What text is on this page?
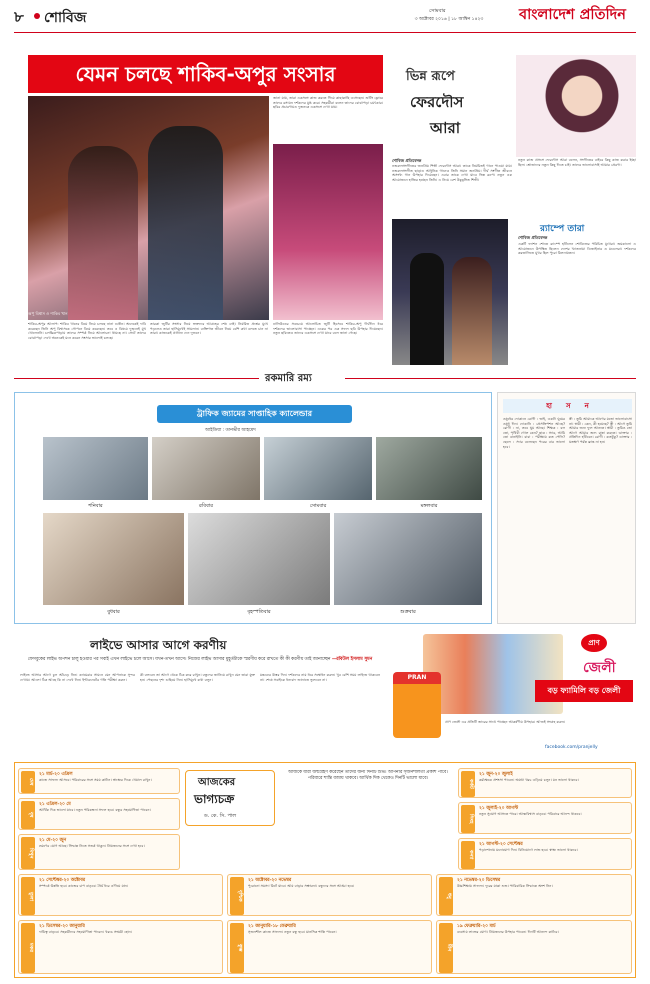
৮ শোবিজ	সোমবার
৩ অক্টোবর ২০১৬ | ১৮ আশ্বিন ১৪২৩	বাংলাদেশ প্রতিদিন
যেমন চলছে শাকিব-অপুর সংসার
জানা যায়, তারা একসঙ্গে কাজ করতে গিয়ে কাছাকাছি এসেছেন। শুটিং ফ্লোরে তাদের রসায়ন দর্শকদের মুগ্ধ করে। সহকর্মীরা বলেন তাদের বোঝাপড়া চমৎকার। ছবির প্রচারণায়ও দুজনকে একসঙ্গে দেখা যায়।
শাকিব-অপুর আলাপ: শাকিব খানের বিয়ে নিয়ে চলছে নানা গুঞ্জন। অনেকেই দাবি করেছেন তিনি অপু বিশ্বাসকে গোপনে বিয়ে করেছেন। তবে এ বিষয়ে দুজনেই মুখ খোলেননি। চলচ্চিত্রপাড়ায় তাদের সম্পর্ক নিয়ে আলোচনা থামছে না। সেটে তাদের বোঝাপড়া দেখে অনেকেই মনে করেন সংসার ভালোই চলছে।
তারকা জুটির সংসার নিয়ে ভক্তদের আগ্রহের শেষ নেই। নিয়মিত প্রশ্নের মুখে পড়লেও তারা হাসিমুখেই সামলান। ব্যক্তিগত জীবন নিয়ে বেশি কথা বলতে চান না তারা। কাজকেই প্রাধান্য দেন দুজনে।
ঢালিউডের সবচেয়ে আলোচিত জুটি হিসেবে শাকিব-অপু দীর্ঘদিন ধরে দর্শকদের ভালোবাসা পাচ্ছেন। একের পর এক সফল ছবি উপহার দিয়েছেন। নতুন ছবিতেও তাদের একসঙ্গে দেখা যাবে বলে জানা গেছে।
অপু বিশ্বাস ও শাকিব খান
ভিন্ন রূপে
ফেরদৌস
আরা
শোবিজ প্রতিবেদক
নজরুলসংগীতের জনপ্রিয় শিল্পী ফেরদৌস আরা। তাকে নিয়মিতই গানে পাওয়া যায়। নজরুলসংগীত ছাড়াও আধুনিক গানেও তিনি সমান জনপ্রিয়। দীর্ঘ সংগীত জীবনে অসংখ্য গান উপহার দিয়েছেন। এবার তাকে দেখা যাবে ভিন্ন রূপে। নতুন এক আয়োজনে হাজির হচ্ছেন তিনি। এ নিয়ে বেশ উচ্ছ্বসিত শিল্পী।
নতুন কাজ প্রসঙ্গে ফেরদৌস আরা বলেন, সংগীতের বাইরে কিছু কাজ করার ইচ্ছা ছিল। শ্রোতাদের নতুন কিছু দিতে চাই। তাদের ভালোবাসাই আমার প্রেরণা।
র‍্যাম্পে তারা
শোবিজ প্রতিবেদক
একটি ফ্যাশন শোতে র‍্যাম্পে হাঁটলেন শোবিজের পরিচিত মুখেরা। জমকালো এ আয়োজনে উপস্থিত ছিলেন দেশের খ্যাতনামা ডিজাইনার ও মডেলরা। দর্শকদের করতালিতে মুখর ছিল পুরো মিলনায়তন।
রকমারি রম্য
ট্রাফিক জ্যামের সাপ্তাহিক ক্যালেন্ডার
আইডিয়া : তানভীর আহমেদ
শনিবার	রবিবার	সোমবার	মঙ্গলবার
বুধবার	বৃহস্পতিবার	শুক্রবার
হা স ন
ওষুধের দোকানে রোগী : ভাই, একটা ঘুমের ওষুধ দিন। দোকানি : প্রেসক্রিপশন আছে? রোগী : না, তবে ঘুম আছে। শিক্ষক : বল তো, পৃথিবী গোল কেন? ছাত্র : স্যার, আমি তো বানাইনি। বাবা : পরীক্ষায় কত পেলি? ছেলে : স্যার বলেছেন পরের বার ভালো হবে।
স্ত্রী : তুমি আমাকে আগের মতো ভালোবাসো না। স্বামী : কেন, কী হয়েছে? স্ত্রী : আগে তুমি আমার জন্য ফুল আনতে। স্বামী : তুমিও তো আগে আমার জন্য রান্না করতে। ডাক্তার : প্রতিদিন হাঁটবেন। রোগী : কতটুকু? ডাক্তার : যতক্ষণ পর্যন্ত ক্লান্ত না হন।
লাইভে আসার আগে করণীয়
ফেসবুকের লাইভ অপশন চালু হওয়ার পর সবাই এখন লাইভে চলে আসে। যখন-তখন আসে। নিজের লাইভ আসার মুহূর্তটাকে স্মরণীয় করে রাখতে কী কী করণীয় তাই জানাচ্ছেন —রবিউল ইসলাম সুমন
লাইভে আসার আগে চুল আঁচড়ে নিন। ক্যামেরার সামনে যেন আপনাকে সুন্দর দেখায়। আলো ঠিক আছে কি না দেখে নিন। ইন্টারনেটের গতি পরীক্ষা করুন।
কী বলবেন তা আগে থেকে ঠিক করে রাখুন। বন্ধুদের জানিয়ে রাখুন যেন তারা যুক্ত হন। পেছনের দৃশ্য গুছিয়ে নিন। হাসিমুখে কথা বলুন।
মন্তব্যের উত্তর দিন। দর্শকদের নাম ধরে সম্বোধন করুন। খুব বেশি সময় লাইভে থাকবেন না। শেষে সবাইকে ধন্যবাদ জানাতে ভুলবেন না।	PRAN
প্রাণ
জেলী
বড় ফ্যামিলি বড় জেলী
প্রাণ জেলী এর প্রতিটি জারের সাথে পাচ্ছেন আকর্ষণীয় উপহার। আজই সংগ্রহ করুন।
facebook.com/pranjelly
আজকের
ভাগ্যচক্র
ড. কে. সি. পাল
আজকে যারা জন্মগ্রহণ করেছেন তাদের জন্য দিনটি শুভ। আপনার সৃজনশীলতা প্রকাশ পাবে। পরিবারে শান্তি বজায় থাকবে। আর্থিক দিক থেকেও দিনটি ভালো যাবে।
মেষ
২১ মার্চ-২০ এপ্রিল
কাজে সাফল্য আসবে। পরিবারের সঙ্গে সময় কাটান। স্বাস্থ্যের দিকে খেয়াল রাখুন।
বৃষ
২১ এপ্রিল-২০ মে
আর্থিক দিক ভালো যাবে। নতুন পরিকল্পনা সফল হবে। বন্ধুর সহযোগিতা পাবেন।
মিথুন
২১ মে-২০ জুন
ভ্রমণের যোগ আছে। সিদ্ধান্ত নিতে সতর্ক থাকুন। প্রিয়জনের সঙ্গে দেখা হবে।
কর্কট
২১ জুন-২০ জুলাই
কর্মক্ষেত্রে প্রশংসা পাবেন। অযথা খরচ এড়িয়ে চলুন। মন ভালো থাকবে।
সিংহ
২১ জুলাই-২০ আগস্ট
নতুন সুযোগ আসতে পারে। আত্মবিশ্বাস বাড়বে। পরিবারে আনন্দ থাকবে।
কন্যা
২১ আগস্ট-২০ সেপ্টেম্বর
পড়াশোনায় মনোযোগ দিন। বিনিয়োগে লাভ হবে। স্বাস্থ্য ভালো থাকবে।
তুলা
২১ সেপ্টেম্বর-২০ অক্টোবর
সম্পর্কে উন্নতি হবে। কাজের চাপ বাড়বে। ধৈর্য ধরে এগিয়ে যান।
বৃশ্চিক
২১ অক্টোবর-২০ নভেম্বর
পুরোনো সমস্যা মিটে যাবে। আয় বাড়ার সম্ভাবনা। বন্ধুদের সঙ্গে আড্ডা হবে।
ধনু
২১ নভেম্বর-২০ ডিসেম্বর
উচ্চশিক্ষায় সাফল্য। দূরের যাত্রা শুভ। পারিবারিক সিদ্ধান্তে অংশ নিন।
মকর
২১ ডিসেম্বর-২০ জানুয়ারি
দায়িত্ব বাড়বে। সহকর্মীদের সহযোগিতা পাবেন। খরচে সংযমী হোন।
কুম্ভ
২১ জানুয়ারি-১৮ ফেব্রুয়ারি
সৃজনশীল কাজে সাফল্য। নতুন বন্ধু হবে। মানসিক শান্তি পাবেন।
মীন
১৯ ফেব্রুয়ারি-২০ মার্চ
ব্যবসায় লাভের যোগ। প্রিয়জনের উপহার পাবেন। দিনটি আনন্দে কাটবে।
